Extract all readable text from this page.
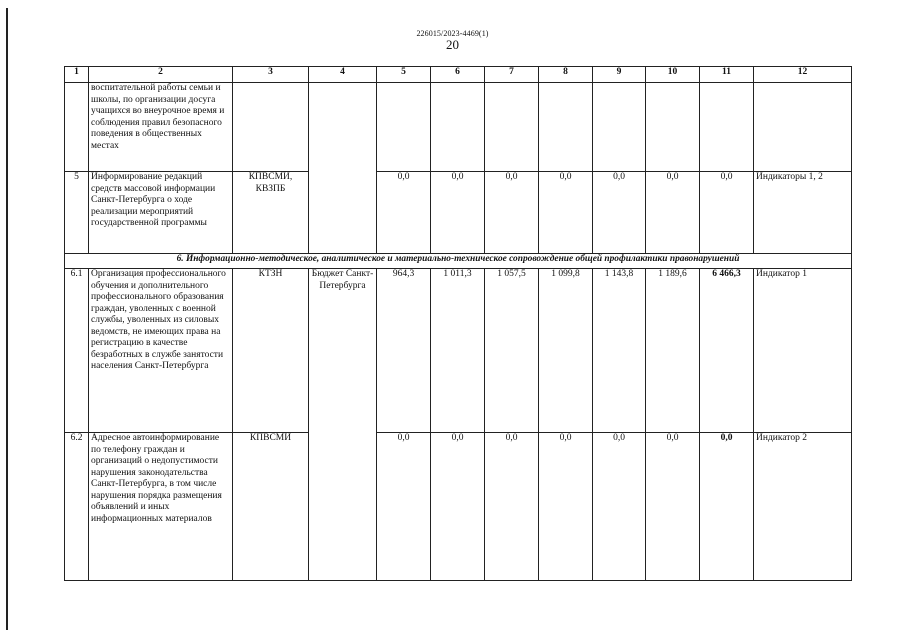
226015/2023-4469(1)
20
1	2	3	4	5	6	7	8	9	10	11	12
	воспитательной работы семьи и школы, по организации досуга учащихся во внеурочное время и соблюдения правил безопасного поведения в общественных местах										
5	Информирование редакций средств массовой информации Санкт-Петербурга о ходе реализации мероприятий государственной программы	КПВСМИ, КВЗПБ		0,0	0,0	0,0	0,0	0,0	0,0	0,0	Индикаторы 1, 2
6. Информационно-методическое, аналитическое и материально-техническое сопровождение общей профилактики правонарушений											
6.1	Организация профессионального обучения и дополнительного профессионального образования граждан, уволенных с военной службы, уволенных из силовых ведомств, не имеющих права на регистрацию в качестве безработных в службе занятости населения Санкт-Петербурга	КТЗН	Бюджет Санкт-Петербурга	964,3	1 011,3	1 057,5	1 099,8	1 143,8	1 189,6	6 466,3	Индикатор 1
6.2	Адресное автоинформирование по телефону граждан и организаций о недопустимости нарушения законодательства Санкт-Петербурга, в том числе нарушения порядка размещения объявлений и иных информационных материалов	КПВСМИ		0,0	0,0	0,0	0,0	0,0	0,0	0,0	Индикатор 2
